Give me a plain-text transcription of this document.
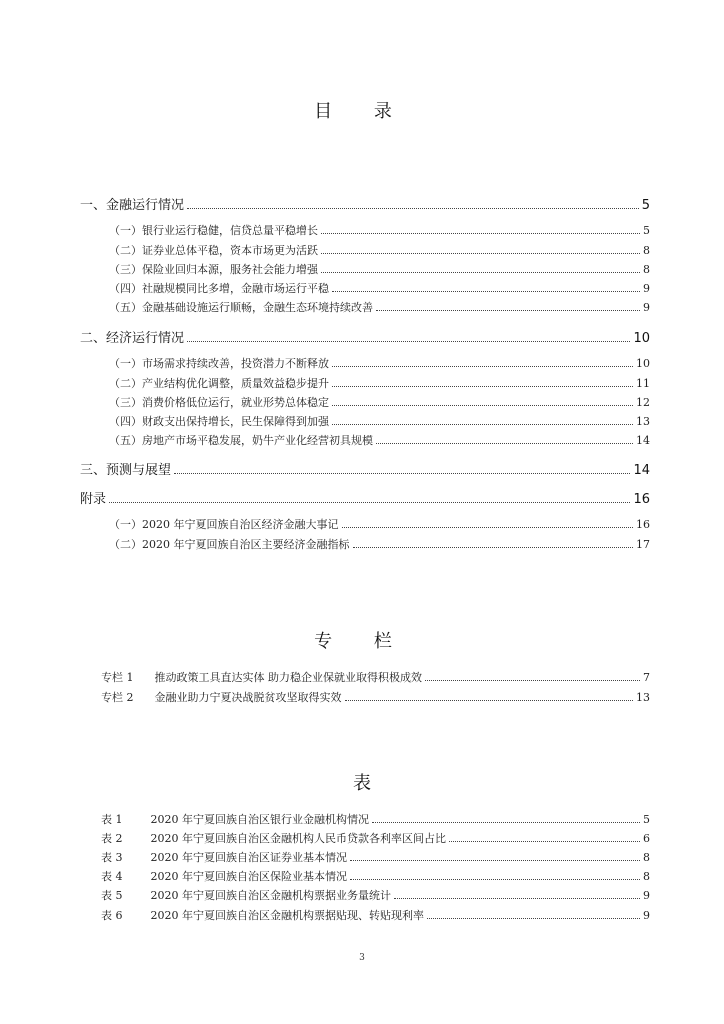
目 录
一、金融运行情况	5
（一）银行业运行稳健，信贷总量平稳增长	5
（二）证券业总体平稳，资本市场更为活跃	8
（三）保险业回归本源，服务社会能力增强	8
（四）社融规模同比多增，金融市场运行平稳	9
（五）金融基础设施运行顺畅，金融生态环境持续改善	9
二、经济运行情况	10
（一）市场需求持续改善，投资潜力不断释放	10
（二）产业结构优化调整，质量效益稳步提升	11
（三）消费价格低位运行，就业形势总体稳定	12
（四）财政支出保持增长，民生保障得到加强	13
（五）房地产市场平稳发展，奶牛产业化经营初具规模	14
三、预测与展望	14
附录	16
（一）2020 年宁夏回族自治区经济金融大事记	16
（二）2020 年宁夏回族自治区主要经济金融指标	17
专 栏
专栏 1 推动政策工具直达实体 助力稳企业保就业取得积极成效	7
专栏 2 金融业助力宁夏决战脱贫攻坚取得实效	13
表
表 1	2020 年宁夏回族自治区银行业金融机构情况	5
表 2	2020 年宁夏回族自治区金融机构人民币贷款各利率区间占比	6
表 3	2020 年宁夏回族自治区证券业基本情况	8
表 4	2020 年宁夏回族自治区保险业基本情况	8
表 5	2020 年宁夏回族自治区金融机构票据业务量统计	9
表 6	2020 年宁夏回族自治区金融机构票据贴现、转贴现利率	9
3
